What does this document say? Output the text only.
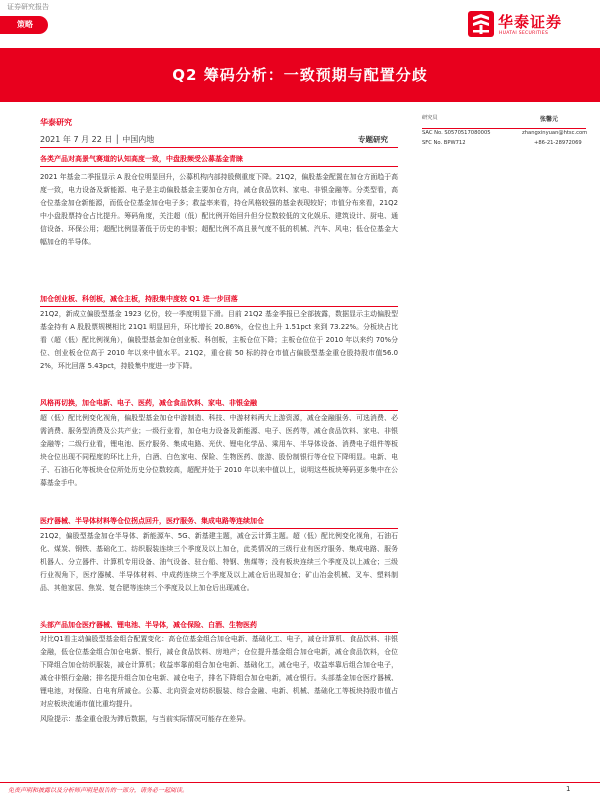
证券研究报告
策略	华泰证券
HUATAI SECURITIES
Q2 筹码分析：一致预期与配置分歧
华泰研究
2021 年 7 月 22 日 │ 中国内地	专题研究
研究员	张馨元
SAC No. S0570517080005	zhangxinyuan@htsc.com
SFC No. BPW712	+86-21-28972069
各类产品对高景气赛道的认知高度一致，中盘股频受公募基金青睐

2021 年基金二季报显示 A 股仓位明显回升，公募机构内部持股侧重度下降。21Q2，偏股基金配置在加仓方面趋于高度一致，电力设备及新能源、电子是主动偏股基金主要加仓方向，减仓食品饮料、家电、非银金融等。分类型看，高仓位基金加仓新能源，而低仓位基金加仓电子多；救益率来看，持仓风格较强的基金表现较好；市值分布来看，21Q2 中小盘股票持仓占比提升。筹码角度，关注超（低）配比例开始回升但分位数较低的文化娱乐、建筑设计、厨电、通信设备、环保公用；超配比例显著低于历史的非银；超配比例不高且景气度不低的机械、汽车、风电；低仓位基金大幅加仓的半导体。

加仓创业板、科创板，减仓主板，持股集中度较 Q1 进一步回落

21Q2，新成立偏股型基金 1923 亿份，较一季度明显下滑。目前 21Q2 基金季报已全部披露，数据显示主动偏股型基金持有 A 股股票规模相比 21Q1 明显回升，环比增长 20.86%，仓位也上升 1.51pct 来到 73.22%。分板块占比看（超（低）配比例视角），偏股型基金加仓创业板、科创板，主板仓位下降；主板仓位位于 2010 年以来约 70%分位、创业板仓位高于 2010 年以来中值水平。21Q2，重仓前 50 标的持仓市值占偏股型基金重仓股持股市值56.02%，环比回落 5.43pct，持股集中度进一步下降。

风格再切换，加仓电新、电子、医药，减仓食品饮料、家电、非银金融

超（低）配比例变化视角，偏股型基金加仓中游制造、科技、中游材料两大上游资源，减仓金融服务、可选消费、必需消费、服务型消费及公共产业；一级行业看，加仓电力设备及新能源、电子、医药等，减仓食品饮料、家电、非银金融等；二级行业看，锂电池、医疗服务、集成电路、光伏、锂电化学品、乘用车、半导体设备、消费电子组件等板块仓位出现不同程度的环比上升，白酒、白色家电、保险、生物医药、旅游、股份制银行等仓位下降明显。电新、电子、石油石化等板块仓位所处历史分位数较高，超配并处于 2010 年以来中值以上，说明这些板块筹码更多集中在公募基金手中。

医疗器械、半导体材料等仓位拐点回升，医疗服务、集成电路等连续加仓

21Q2，偏股型基金加仓半导体、新能源车、5G、新基建主题，减仓云计算主题。超（低）配比例变化视角，石油石化、煤炭、钢铁、基础化工、纺织服装连续三个季度及以上加仓，此类情况的三级行业有医疗服务、集成电路、服务机器人、分立器件、计算机专用设备、油气设备、驻台船、特钢、焦煤等；没有板块连续三个季度及以上减仓；三级行业视角下，医疗器械、半导体材料、中成药连续三个季度及以上减仓后出现加仓；矿山冶金机械、叉车、塑料制品、其他家居、焦炭、复合肥等连续三个季度及以上加仓后出现减仓。

头部产品加仓医疗器械、锂电池、半导体，减仓保险、白酒、生物医药

对比Q1看主动偏股型基金组合配置变化：高仓位基金组合加仓电新、基础化工、电子，减仓计算机、食品饮料、非银金融，低仓位基金组合加仓电新、银行，减仓食品饮料、房地产；仓位提升基金组合加仓电新，减仓食品饮料，仓位下降组合加仓纺织服装，减仓计算机；收益率靠前组合加仓电新、基础化工，减仓电子，收益率靠后组合加仓电子，减仓非银行金融；排名提升组合加仓电新、减仓电子，排名下降组合加仓电新，减仓银行。头部基金加仓医疗器械、锂电池，对保险、白电有所减仓。公募、北向资金对纺织服装、综合金融、电新、机械、基础化工等板块持股市值占对应板块流通市值比重均提升。

风险提示：基金重仓股为滞后数据，与当前实际情况可能存在差异。
免责声明和披露以及分析师声明是报告的一部分，请务必一起阅读。	1
